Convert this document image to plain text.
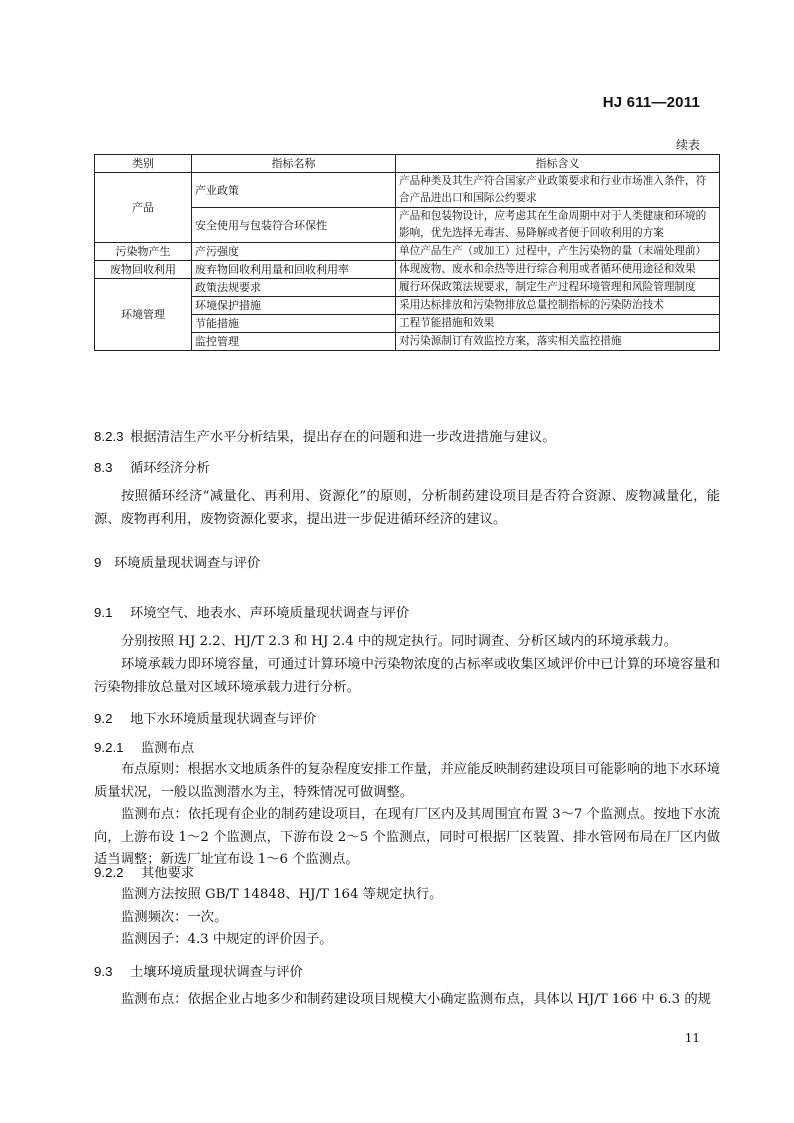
HJ 611—2011
续表
类别	指标名称	指标含义
产品	产业政策	产品种类及其生产符合国家产业政策要求和行业市场准入条件，符合产品进出口和国际公约要求
	安全使用与包装符合环保性	产品和包装物设计，应考虑其在生命周期中对于人类健康和环境的影响，优先选择无毒害、易降解或者便于回收利用的方案
污染物产生	产污强度	单位产品生产（或加工）过程中，产生污染物的量（末端处理前）
废物回收利用	废弃物回收利用量和回收利用率	体现废物、废水和余热等进行综合利用或者循环使用途径和效果
环境管理	政策法规要求	履行环保政策法规要求，制定生产过程环境管理和风险管理制度
	环境保护措施	采用达标排放和污染物排放总量控制指标的污染防治技术
	节能措施	工程节能措施和效果
	监控管理	对污染源制订有效监控方案，落实相关监控措施
8.2.3 根据清洁生产水平分析结果，提出存在的问题和进一步改进措施与建议。
8.3 循环经济分析
按照循环经济“减量化、再利用、资源化”的原则，分析制药建设项目是否符合资源、废物减量化，能源、废物再利用，废物资源化要求，提出进一步促进循环经济的建议。
9 环境质量现状调查与评价
9.1 环境空气、地表水、声环境质量现状调查与评价
分别按照 HJ 2.2、HJ/T 2.3 和 HJ 2.4 中的规定执行。同时调查、分析区域内的环境承载力。
环境承载力即环境容量，可通过计算环境中污染物浓度的占标率或收集区域评价中已计算的环境容量和污染物排放总量对区域环境承载力进行分析。
9.2 地下水环境质量现状调查与评价
9.2.1 监测布点
布点原则：根据水文地质条件的复杂程度安排工作量，并应能反映制药建设项目可能影响的地下水环境质量状况，一般以监测潜水为主，特殊情况可做调整。
监测布点：依托现有企业的制药建设项目，在现有厂区内及其周围宜布置 3～7 个监测点。按地下水流向，上游布设 1～2 个监测点，下游布设 2～5 个监测点，同时可根据厂区装置、排水管网布局在厂区内做适当调整；新选厂址宜布设 1～6 个监测点。
9.2.2 其他要求
监测方法按照 GB/T 14848、HJ/T 164 等规定执行。
监测频次：一次。
监测因子：4.3 中规定的评价因子。
9.3 土壤环境质量现状调查与评价
监测布点：依据企业占地多少和制药建设项目规模大小确定监测布点，具体以 HJ/T 166 中 6.3 的规
11
